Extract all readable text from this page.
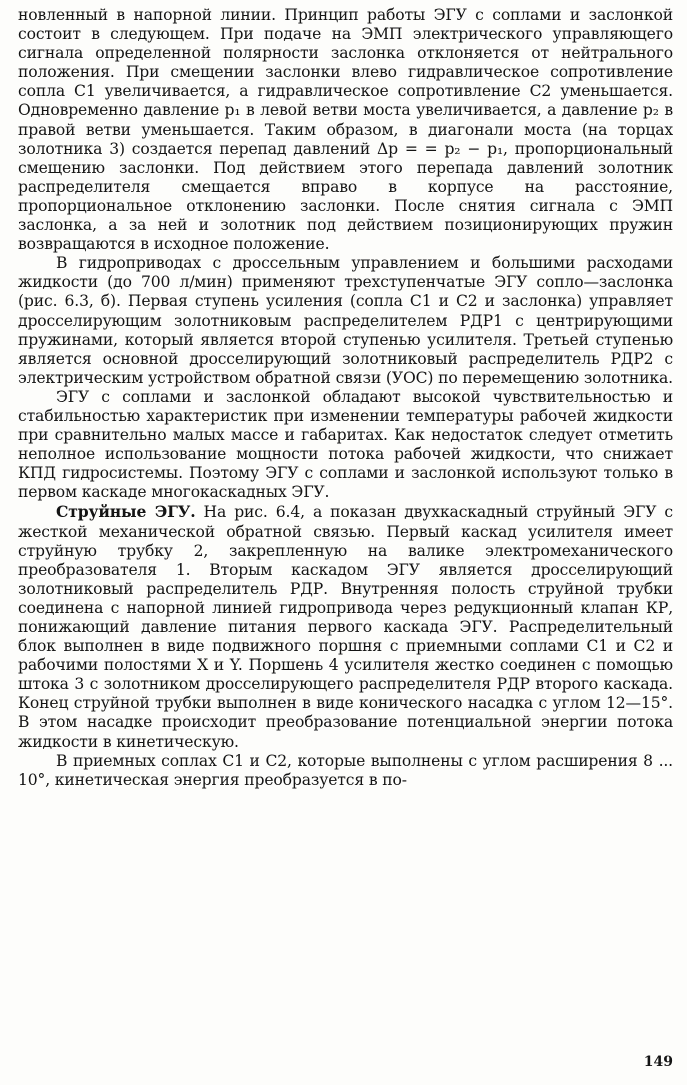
новленный в напорной линии. Принцип работы ЭГУ с соплами и заслонкой состоит в следующем. При подаче на ЭМП электрического управляющего сигнала определенной полярности заслонка отклоняется от нейтрального положения. При смещении заслонки влево гидравлическое сопротивление сопла С1 увеличивается, а гидравлическое сопротивление С2 уменьшается. Одновременно давление p₁ в левой ветви моста увеличивается, а давление p₂ в правой ветви уменьшается. Таким образом, в диагонали моста (на торцах золотника 3) создается перепад давлений Δp = = p₂ − p₁, пропорциональный смещению заслонки. Под действием этого перепада давлений золотник распределителя смещается вправо в корпусе на расстояние, пропорциональное отклонению заслонки. После снятия сигнала с ЭМП заслонка, а за ней и золотник под действием позиционирующих пружин возвращаются в исходное положение.

В гидроприводах с дроссельным управлением и большими расходами жидкости (до 700 л/мин) применяют трехступенчатые ЭГУ сопло—заслонка (рис. 6.3, б). Первая ступень усиления (сопла С1 и С2 и заслонка) управляет дросселирующим золотниковым распределителем РДР1 с центрирующими пружинами, который является второй ступенью усилителя. Третьей ступенью является основной дросселирующий золотниковый распределитель РДР2 с электрическим устройством обратной связи (УОС) по перемещению золотника.

ЭГУ с соплами и заслонкой обладают высокой чувствительностью и стабильностью характеристик при изменении температуры рабочей жидкости при сравнительно малых массе и габаритах. Как недостаток следует отметить неполное использование мощности потока рабочей жидкости, что снижает КПД гидросистемы. Поэтому ЭГУ с соплами и заслонкой используют только в первом каскаде многокаскадных ЭГУ.

Струйные ЭГУ. На рис. 6.4, а показан двухкаскадный струйный ЭГУ с жесткой механической обратной связью. Первый каскад усилителя имеет струйную трубку 2, закрепленную на валике электромеханического преобразователя 1. Вторым каскадом ЭГУ является дросселирующий золотниковый распределитель РДР. Внутренняя полость струйной трубки соединена с напорной линией гидропривода через редукционный клапан КР, понижающий давление питания первого каскада ЭГУ. Распределительный блок выполнен в виде подвижного поршня с приемными соплами С1 и С2 и рабочими полостями X и Y. Поршень 4 усилителя жестко соединен с помощью штока 3 с золотником дросселирующего распределителя РДР второго каскада. Конец струйной трубки выполнен в виде конического насадка с углом 12—15°. В этом насадке происходит преобразование потенциальной энергии потока жидкости в кинетическую.

В приемных соплах С1 и С2, которые выполнены с углом расширения 8 ... 10°, кинетическая энергия преобразуется в по-

149
